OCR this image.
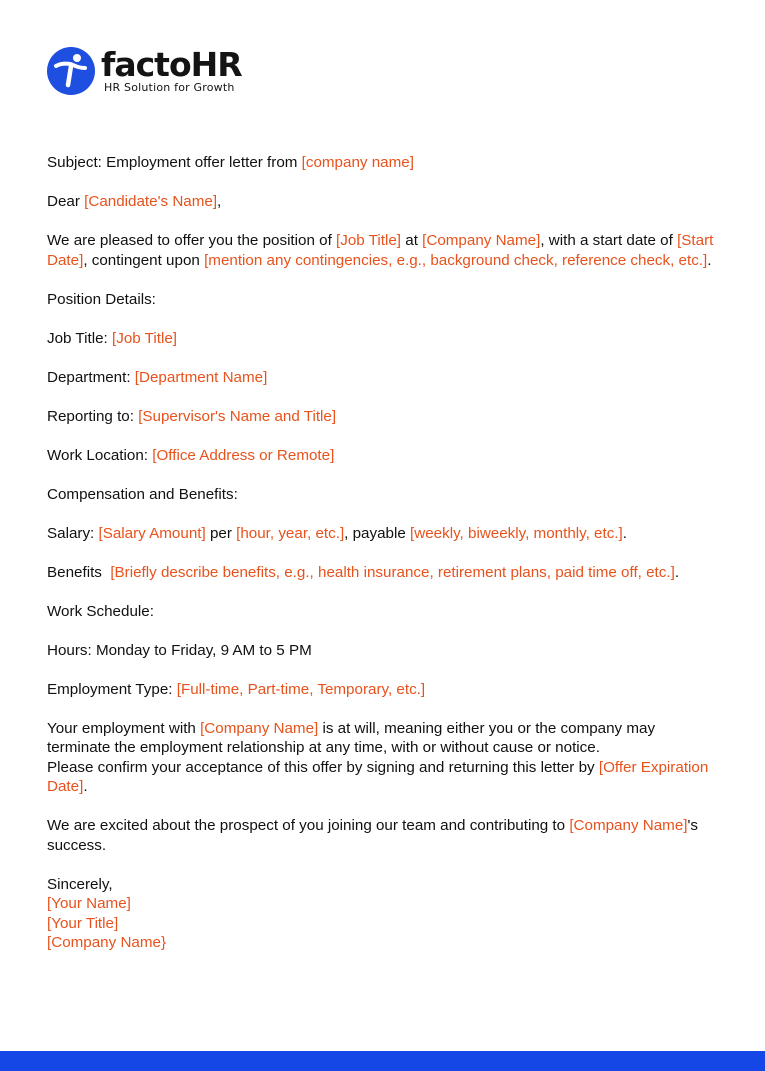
factoHR
HR Solution for Growth

Subject: Employment offer letter from [company name]

Dear [Candidate's Name],

We are pleased to offer you the position of [Job Title] at [Company Name], with a start date of [Start Date], contingent upon [mention any contingencies, e.g., background check, reference check, etc.].

Position Details:

Job Title: [Job Title]

Department: [Department Name]

Reporting to: [Supervisor's Name and Title]

Work Location: [Office Address or Remote]

Compensation and Benefits:

Salary: [Salary Amount] per [hour, year, etc.], payable [weekly, biweekly, monthly, etc.].

Benefits  [Briefly describe benefits, e.g., health insurance, retirement plans, paid time off, etc.].

Work Schedule:

Hours: Monday to Friday, 9 AM to 5 PM

Employment Type: [Full-time, Part-time, Temporary, etc.]

Your employment with [Company Name] is at will, meaning either you or the company may terminate the employment relationship at any time, with or without cause or notice.
Please confirm your acceptance of this offer by signing and returning this letter by [Offer Expiration Date].

We are excited about the prospect of you joining our team and contributing to [Company Name]'s success.

Sincerely,
[Your Name]
[Your Title]
[Company Name}
